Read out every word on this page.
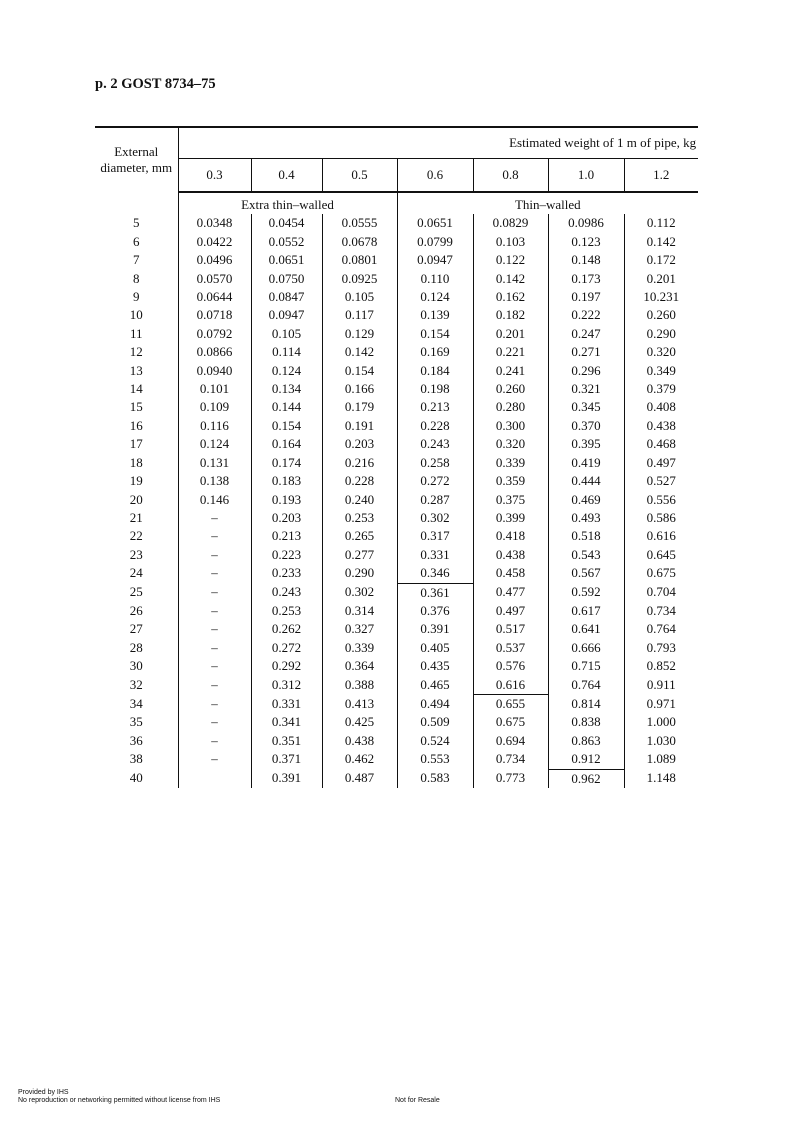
p. 2 GOST 8734–75
External diameter, mm	Estimated weight of 1 m of pipe, kg						
	0.3	0.4	0.5	0.6	0.8	1.0	1.2
	Extra thin–walled			Thin–walled			
5	0.0348	0.0454	0.0555	0.0651	0.0829	0.0986	0.112
6	0.0422	0.0552	0.0678	0.0799	0.103	0.123	0.142
7	0.0496	0.0651	0.0801	0.0947	0.122	0.148	0.172
8	0.0570	0.0750	0.0925	0.110	0.142	0.173	0.201
9	0.0644	0.0847	0.105	0.124	0.162	0.197	10.231
10	0.0718	0.0947	0.117	0.139	0.182	0.222	0.260
11	0.0792	0.105	0.129	0.154	0.201	0.247	0.290
12	0.0866	0.114	0.142	0.169	0.221	0.271	0.320
13	0.0940	0.124	0.154	0.184	0.241	0.296	0.349
14	0.101	0.134	0.166	0.198	0.260	0.321	0.379
15	0.109	0.144	0.179	0.213	0.280	0.345	0.408
16	0.116	0.154	0.191	0.228	0.300	0.370	0.438
17	0.124	0.164	0.203	0.243	0.320	0.395	0.468
18	0.131	0.174	0.216	0.258	0.339	0.419	0.497
19	0.138	0.183	0.228	0.272	0.359	0.444	0.527
20	0.146	0.193	0.240	0.287	0.375	0.469	0.556
21	–	0.203	0.253	0.302	0.399	0.493	0.586
22	–	0.213	0.265	0.317	0.418	0.518	0.616
23	–	0.223	0.277	0.331	0.438	0.543	0.645
24	–	0.233	0.290	0.346	0.458	0.567	0.675
25	–	0.243	0.302	0.361	0.477	0.592	0.704
26	–	0.253	0.314	0.376	0.497	0.617	0.734
27	–	0.262	0.327	0.391	0.517	0.641	0.764
28	–	0.272	0.339	0.405	0.537	0.666	0.793
30	–	0.292	0.364	0.435	0.576	0.715	0.852
32	–	0.312	0.388	0.465	0.616	0.764	0.911
34	–	0.331	0.413	0.494	0.655	0.814	0.971
35	–	0.341	0.425	0.509	0.675	0.838	1.000
36	–	0.351	0.438	0.524	0.694	0.863	1.030
38	–	0.371	0.462	0.553	0.734	0.912	1.089
40		0.391	0.487	0.583	0.773	0.962	1.148

Provided by IHS
No reproduction or networking permitted without license from IHS	Not for Resale
